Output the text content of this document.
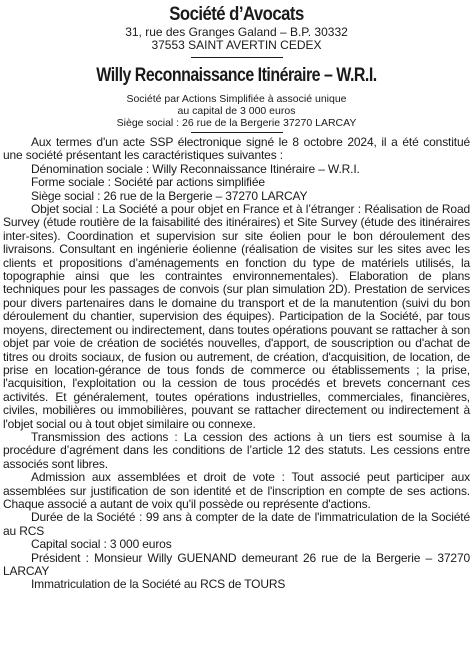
Société d’Avocats

31, rue des Granges Galand – B.P. 30332

37553 SAINT AVERTIN CEDEX

Willy Reconnaissance Itinéraire – W.R.I.

Société par Actions Simplifiée à associé unique

au capital de 3 000 euros

Siège social : 26 rue de la Bergerie 37270 LARCAY

Aux termes d'un acte SSP électronique signé le 8 octobre 2024, il a été constitué une société présentant les caractéristiques suivantes :

Dénomination sociale : Willy Reconnaissance Itinéraire – W.R.I.

Forme sociale : Société par actions simplifiée

Siège social : 26 rue de la Bergerie – 37270 LARCAY

Objet social : La Société a pour objet en France et à l’étranger : Réalisation de Road Survey (étude routière de la faisabilité des itinéraires) et Site Survey (étude des itinéraires inter-sites). Coordination et supervision sur site éolien pour le bon déroulement des livraisons. Consultant en ingénierie éolienne (réalisation de visites sur les sites avec les clients et propositions d’aménagements en fonction du type de matériels utilisés, la topographie ainsi que les contraintes environnementales). Elaboration de plans techniques pour les passages de convois (sur plan simulation 2D). Prestation de services pour divers partenaires dans le domaine du transport et de la manutention (suivi du bon déroulement du chantier, supervision des équipes). Participation de la Société, par tous moyens, directement ou indirectement, dans toutes opérations pouvant se rattacher à son objet par voie de création de sociétés nouvelles, d'apport, de souscription ou d'achat de titres ou droits sociaux, de fusion ou autrement, de création, d'acquisition, de location, de prise en location-gérance de tous fonds de commerce ou établissements ; la prise, l'acquisition, l'exploitation ou la cession de tous procédés et brevets concernant ces activités. Et généralement, toutes opérations industrielles, commerciales, financières, civiles, mobilières ou immobilières, pouvant se rattacher directement ou indirectement à l'objet social ou à tout objet similaire ou connexe.

Transmission des actions : La cession des actions à un tiers est soumise à la procédure d’agrément dans les conditions de l’article 12 des statuts. Les cessions entre associés sont libres.

Admission aux assemblées et droit de vote : Tout associé peut participer aux assemblées sur justification de son identité et de l'inscription en compte de ses actions. Chaque associé a autant de voix qu'il possède ou représente d'actions.

Durée de la Société : 99 ans à compter de la date de l'immatriculation de la Société au RCS

Capital social : 3 000 euros

Président : Monsieur Willy GUENAND demeurant 26 rue de la Bergerie – 37270 LARCAY

Immatriculation de la Société au RCS de TOURS
